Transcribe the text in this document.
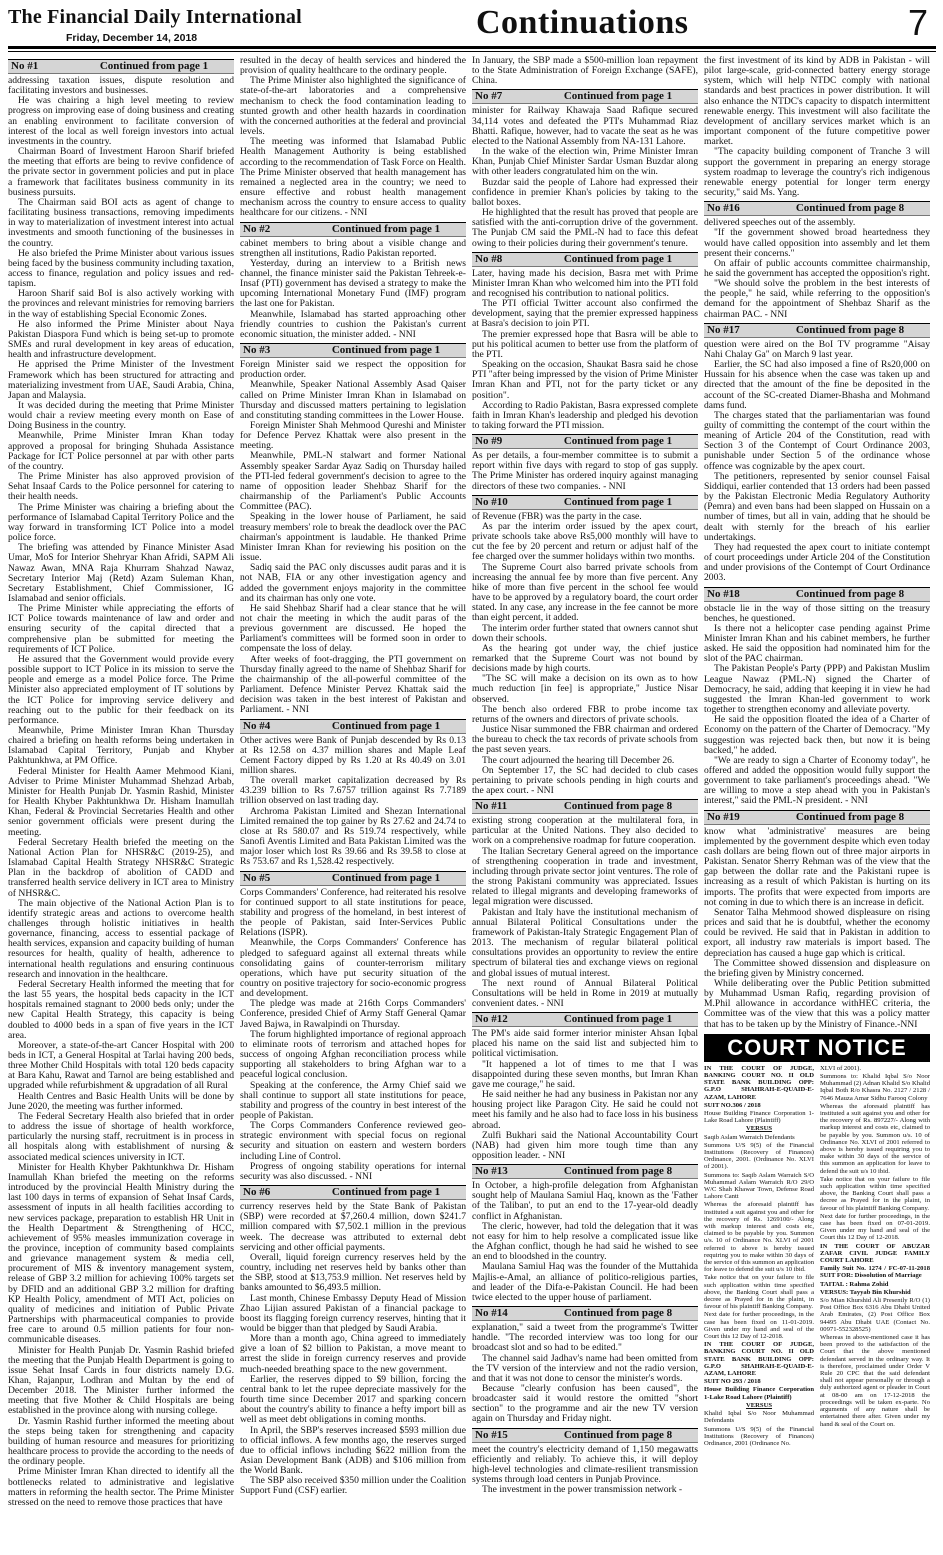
The Financial Daily International
Friday, December 14, 2018	Continuations	7
No #1	Continued from page 1

addressing taxation issues, dispute resolution and facilitating investors and businesses.

He was chairing a high level meeting to review progress on improving ease of doing business and creating an enabling environment to facilitate conversion of interest of the local as well foreign investors into actual investments in the country.

Chairman Board of Investment Haroon Sharif briefed the meeting that efforts are being to revive confidence of the private sector in government policies and put in place a framework that facilitates business community in its business pursuits.

The Chairman said BOI acts as agent of change to facilitating business transactions, removing impediments in way to materialization of investment interest into actual investments and smooth functioning of the businesses in the country.

He also briefed the Prime Minister about various issues being faced by the business community including taxation, access to finance, regulation and policy issues and red-tapism.

Haroon Sharif said BoI is also actively working with the provinces and relevant ministries for removing barriers in the way of establishing Special Economic Zones.

He also informed the Prime Minister about Naya Pakistan Diaspora Fund which is being set-up to promote SMEs and rural development in key areas of education, health and infrastructure development.

He apprised the Prime Minister of the Investment Framework which has been structured for attracting and materializing investment from UAE, Saudi Arabia, China, Japan and Malaysia.

It was decided during the meeting that Prime Minister would chair a review meeting every month on Ease of Doing Business in the country.

Meanwhile, Prime Minister Imran Khan today approved a proposal for bringing Shuhada Assistance Package for ICT Police personnel at par with other parts of the country.

The Prime Minister has also approved provision of Sehat Insaaf Cards to the Police personnel for catering to their health needs.

The Prime Minister was chairing a briefing about the performance of Islamabad Capital Territory Police and the way forward in transforming ICT Police into a model police force.

The briefing was attended by Finance Minister Asad Umar, MoS for Interior Shehryar Khan Afridi, SAPM Ali Nawaz Awan, MNA Raja Khurram Shahzad Nawaz, Secretary Interior Maj (Retd) Azam Suleman Khan, Secretary Establishment, Chief Commissioner, IG Islamabad and senior officials.

The Prime Minister while appreciating the efforts of ICT Police towards maintenance of law and order and ensuring security of the capital directed that a comprehensive plan be submitted for meeting the requirements of ICT Police.

He assured that the Government would provide every possible support to ICT Police in its mission to serve the people and emerge as a model Police force. The Prime Minister also appreciated employment of IT solutions by the ICT Police for improving service delivery and reaching out to the public for their feedback on its performance.

Meanwhile, Prime Minister Imran Khan Thursday chaired a briefing on health reforms being undertaken in Islamabad Capital Territory, Punjab and Khyber Pakhtunkhwa, at PM Office.

Federal Minister for Health Aamer Mehmood Kiani, Adviser to Prime Minister Muhammad Shehzad Arbab, Minister for Health Punjab Dr. Yasmin Rashid, Minister for Health Khyber Pakhtunkhwa Dr. Hisham Inamullah Khan, Federal & Provincial Secretaries Health and other senior government officials were present during the meeting.

Federal Secretary Health briefed the meeting on the National Action Plan for NHSR&C (2019-25), and Islamabad Capital Health Strategy NHSR&C Strategic Plan in the backdrop of abolition of CADD and transferred health service delivery in ICT area to Ministry of NHSR&C.

The main objective of the National Action Plan is to identify strategic areas and actions to overcome health challenges through holistic initiatives in health governance, financing, access to essential package of health services, expansion and capacity building of human resources for health, quality of health, adherence to international health regulations and ensuring continuous research and innovation in the healthcare.

Federal Secretary Health informed the meeting that for the last 55 years, the hospital beds capacity in the ICT hospitals remained stagnant to 2000 beds only; under the new Capital Health Strategy, this capacity is being doubled to 4000 beds in a span of five years in the ICT area.

Moreover, a state-of-the-art Cancer Hospital with 200 beds in ICT, a General Hospital at Tarlai having 200 beds, three Mother Child Hospitals with total 120 beds capacity at Bara Kahu, Rawat and Tarnol are being established and upgraded while refurbishment & upgradation of all Rural

Health Centres and Basic Health Units will be done by June 2020, the meeting was further informed.

The Federal Secretary Health also briefed that in order to address the issue of shortage of health workforce, particularly the nursing staff, recruitment is in process in all hospitals along with establishment of nursing & associated medical sciences university in ICT.

Minister for Health Khyber Pakhtunkhwa Dr. Hisham Inamullah Khan briefed the meeting on the reforms introduced by the provincial Health Ministry during the last 100 days in terms of expansion of Sehat Insaf Cards, assessment of inputs in all health facilities according to new services package, preparation to establish HR Unit in the Health Department & Strengthening of HCC, achievement of 95% measles immunization coverage in the province, inception of community based complaints and grievance management system & media cell, procurement of MIS & inventory management system, release of GBP 3.2 million for achieving 100% targets set by DFID and an additional GBP 3.2 million for drafting KP Health Policy, amendment of MTI Act, policies on quality of medicines and initiation of Public Private Partnerships with pharmaceutical companies to provide free care to around 0.5 million patients for four non-communicable diseases.

Minister for Health Punjab Dr. Yasmin Rashid briefed the meeting that the Punjab Health Department is going to issue Sehat Insaf Cards in four districts namely D.G. Khan, Rajanpur, Lodhran and Multan by the end of December 2018. The Minister further informed the meeting that five Mother & Child Hospitals are being established in the province along with nursing college.

Dr. Yasmin Rashid further informed the meeting about the steps being taken for strengthening and capacity building of human resource and measures for prioritizing healthcare process to provide the according to the needs of the ordinary people.

Prime Minister Imran Khan directed to identify all the bottlenecks related to administrative and legislative matters in reforming the health sector. The Prime Minister stressed on the need to remove those practices that have

resulted in the decay of health services and hindered the provision of quality healthcare to the ordinary people.

The Prime Minister also highlighted the significance of state-of-the-art laboratories and a comprehensive mechanism to check the food contamination leading to stunted growth and other health hazards in coordination with the concerned authorities at the federal and provincial levels.

The meeting was informed that Islamabad Public Health Management Authority is being established according to the recommendation of Task Force on Health. The Prime Minister observed that health management has remained a neglected area in the country; we need to ensure effective and robust health management mechanism across the country to ensure access to quality healthcare for our citizens. - NNI

No #2	Continued from page 1

cabinet members to bring about a visible change and strengthen all institutions, Radio Pakistan reported.

Yesterday, during an interview to a British news channel, the finance minister said the Pakistan Tehreek-e-Insaf (PTI) government has devised a strategy to make the upcoming International Monetary Fund (IMF) program the last one for Pakistan.

Meanwhile, Islamabad has started approaching other friendly countries to cushion the Pakistan's current economic situation, the minister added. - NNI

No #3	Continued from page 1

Foreign Minister said we respect the opposition for production order.

Meanwhile, Speaker National Assembly Asad Qaiser called on Prime Minister Imran Khan in Islamabad on Thursday and discussed matters pertaining to legislation and constituting standing committees in the Lower House.

Foreign Minister Shah Mehmood Qureshi and Minister for Defence Pervez Khattak were also present in the meeting.

Meanwhile, PML-N stalwart and former National Assembly speaker Sardar Ayaz Sadiq on Thursday hailed the PTI-led federal government's decision to agree to the name of opposition leader Shehbaz Sharif for the chairmanship of the Parliament's Public Accounts Committee (PAC).

Speaking in the lower house of Parliament, he said treasury members' role to break the deadlock over the PAC chairman's appointment is laudable. He thanked Prime Minister Imran Khan for reviewing his position on the issue.

Sadiq said the PAC only discusses audit paras and it is not NAB, FIA or any other investigation agency and added the government enjoys majority in the committee and its chairman has only one vote.

He said Shehbaz Sharif had a clear stance that he will not chair the meeting in which the audit paras of the previous government are discussed. He hoped the Parliament's committees will be formed soon in order to compensate the loss of delay.

After weeks of foot-dragging, the PTI government on Thursday finally agreed to the name of Shehbaz Sharif for the chairmanship of the all-powerful committee of the Parliament. Defence Minister Pervez Khattak said the decision was taken in the best interest of Pakistan and Parliament. - NNI

No #4	Continued from page 1

Other actives were Bank of Punjab descended by Rs 0.13 at Rs 12.58 on 4.37 million shares and Maple Leaf Cement Factory dipped by Rs 1.20 at Rs 40.49 on 3.01 million shares.

The overall market capitalization decreased by Rs 43.239 billion to Rs 7.6757 trillion against Rs 7.7189 trillion observed on last trading day.

Archroma Pakistan Limited and Shezan International Limited remained the top gainer by Rs 27.62 and 24.74 to close at Rs 580.07 and Rs 519.74 respectively, while Sanofi Aventis Limited and Bata Pakistan Limited was the major loser which lost Rs 39.66 and Rs 39.58 to close at Rs 753.67 and Rs 1,528.42 respectively.

No #5	Continued from page 1

Corps Commanders' Conference, had reiterated his resolve for continued support to all state institutions for peace, stability and progress of the homeland, in best interest of the people of Pakistan, said Inter-Services Public Relations (ISPR).

Meanwhile, the Corps Commanders' Conference has pledged to safeguard against all external threats while consolidating gains of counter-terrorism military operations, which have put security situation of the country on positive trajectory for socio-economic progress and development.

The pledge was made at 216th Corps Commanders' Conference, presided Chief of Army Staff General Qamar Javed Bajwa, in Rawalpindi on Thursday.

The forum highlighted importance of regional approach to eliminate roots of terrorism and attached hopes for success of ongoing Afghan reconciliation process while supporting all stakeholders to bring Afghan war to a peaceful logical conclusion.

Speaking at the conference, the Army Chief said we shall continue to support all state institutions for peace, stability and progress of the country in best interest of the people of Pakistan.

The Corps Commanders Conference reviewed geo-strategic environment with special focus on regional security and situation on eastern and western borders including Line of Control.

Progress of ongoing stability operations for internal security was also discussed. - NNI

No #6	Continued from page 1

currency reserves held by the State Bank of Pakistan (SBP) were recorded at $7,260.4 million, down $241.7 million compared with $7,502.1 million in the previous week. The decrease was attributed to external debt servicing and other official payments.

Overall, liquid foreign currency reserves held by the country, including net reserves held by banks other than the SBP, stood at $13,753.9 million. Net reserves held by banks amounted to $6,493.5 million.

Last month, Chinese Embassy Deputy Head of Mission Zhao Lijian assured Pakistan of a financial package to boost its flagging foreign currency reserves, hinting that it would be bigger than that pledged by Saudi Arabia.

More than a month ago, China agreed to immediately give a loan of $2 billion to Pakistan, a move meant to arrest the slide in foreign currency reserves and provide much-needed breathing space to the new government.

Earlier, the reserves dipped to $9 billion, forcing the central bank to let the rupee depreciate massively for the fourth time since December 2017 and sparking concern about the country's ability to finance a hefty import bill as well as meet debt obligations in coming months.

In April, the SBP's reserves increased $593 million due to official inflows. A few months ago, the reserves surged due to official inflows including $622 million from the Asian Development Bank (ADB) and $106 million from the World Bank.

The SBP also received $350 million under the Coalition Support Fund (CSF) earlier.

In January, the SBP made a $500-million loan repayment to the State Administration of Foreign Exchange (SAFE), China.

No #7	Continued from page 1

minister for Railway Khawaja Saad Rafique secured 34,114 votes and defeated the PTI's Muhammad Riaz Bhatti. Rafique, however, had to vacate the seat as he was elected to the National Assembly from NA-131 Lahore.

In the wake of the election win, Prime Minister Imran Khan, Punjab Chief Minister Sardar Usman Buzdar along with other leaders congratulated him on the win.

Buzdar said the people of Lahore had expressed their confidence in premier Khan's policies by taking to the ballot boxes.

He highlighted that the result has proved that people are satisfied with the anti-corruption drive of the government. The Punjab CM said the PML-N had to face this defeat owing to their policies during their government's tenure.

No #8	Continued from page 1

Later, having made his decision, Basra met with Prime Minister Imran Khan who welcomed him into the PTI fold and recognised his contribution to national politics.

The PTI official Twitter account also confirmed the development, saying that the premier expressed happiness at Basra's decision to join PTI.

The premier expressed hope that Basra will be able to put his political acumen to better use from the platform of the PTI.

Speaking on the occasion, Shaukat Basra said he chose PTI "after being impressed by the vision of Prime Minister Imran Khan and PTI, not for the party ticket or any position".

According to Radio Pakistan, Basra expressed complete faith in Imran Khan's leadership and pledged his devotion to taking forward the PTI mission.

No #9	Continued from page 1

As per details, a four-member committee is to submit a report within five days with regard to stop of gas supply. The Prime Minister has ordered inquiry against managing directors of these two companies. - NNI

No #10	Continued from page 1

of Revenue (FBR) was the party in the case.

As par the interim order issued by the apex court, private schools take above Rs5,000 monthly will have to cut the fee by 20 percent and return or adjust half of the fee charged over the summer holidays within two months.

The Supreme Court also barred private schools from increasing the annual fee by more than five percent. Any hike of more than five percent in the school fee would have to be approved by a regulatory board, the court order stated. In any case, any increase in the fee cannot be more than eight percent, it added.

The interim order further stated that owners cannot shut down their schools.

As the hearing got under way, the chief justice remarked that the Supreme Court was not bound by decisions made by high courts.

"The SC will make a decision on its own as to how much reduction [in fee] is appropriate," Justice Nisar observed.

The bench also ordered FBR to probe income tax returns of the owners and directors of private schools.

Justice Nisar summoned the FBR chairman and ordered the bureau to check the tax records of private schools from the past seven years.

The court adjourned the hearing till December 26.

On September 17, the SC had decided to club cases pertaining to private schools pending in high courts and the apex court. - NNI

No #11	Continued from page 8

existing strong cooperation at the multilateral fora, in particular at the United Nations. They also decided to work on a comprehensive roadmap for future cooperation.

The Italian Secretary General agreed on the importance of strengthening cooperation in trade and investment, including through private sector joint ventures. The role of the strong Pakistani community was appreciated. Issues related to illegal migrants and developing frameworks of legal migration were discussed.

Pakistan and Italy have the institutional mechanism of annual Bilateral Political Consultations under the framework of Pakistan-Italy Strategic Engagement Plan of 2013. The mechanism of regular bilateral political consultations provides an opportunity to review the entire spectrum of bilateral ties and exchange views on regional and global issues of mutual interest.

The next round of Annual Bilateral Political Consultations will be held in Rome in 2019 at mutually convenient dates. - NNI

No #12	Continued from page 1

The PM's aide said former interior minister Ahsan Iqbal placed his name on the said list and subjected him to political victimisation.

"It happened a lot of times to me that I was disappointed during these seven months, but Imran Khan gave me courage," he said.

He said neither he had any business in Pakistan nor any housing project like Paragon City. He said he could not meet his family and he also had to face loss in his business abroad.

Zulfi Bukhari said the National Accountability Court (NAB) had given him more tough time than any opposition leader. - NNI

No #13	Continued from page 8

In October, a high-profile delegation from Afghanistan sought help of Maulana Samiul Haq, known as the 'Father of the Taliban', to put an end to the 17-year-old deadly conflict in Afghanistan.

The cleric, however, had told the delegation that it was not easy for him to help resolve a complicated issue like the Afghan conflict, though he had said he wished to see an end to bloodshed in the country.

Maulana Samiul Haq was the founder of the Muttahida Majlis-e-Amal, an alliance of politico-religious parties, and leader of the Difa-e-Pakistan Council. He had been twice elected to the upper house of parliament.

No #14	Continued from page 8

explanation," said a tweet from the programme's Twitter handle. "The recorded interview was too long for our broadcast slot and so had to be edited."

The channel said Jadhav's name had been omitted from the TV version of the interview and not the radio version, and that it was not done to censor the minister's words.

Because "clearly confusion has been caused", the broadcaster said it would restore the omitted "short section" to the programme and air the new TV version again on Thursday and Friday night.

No #15	Continued from page 8

meet the country's electricity demand of 1,150 megawatts efficiently and reliably. To achieve this, it will deploy high-level technologies and climate-resilient transmission systems through load centers in Punjab Province.

The investment in the power transmission network -

the first investment of its kind by ADB in Pakistan - will pilot large-scale, grid-connected battery energy storage system, which will help NTDC comply with national standards and best practices in power distribution. It will also enhance the NTDC's capacity to dispatch intermittent renewable energy. This investment will also facilitate the development of ancillary services market which is an important component of the future competitive power market.

"The capacity building component of Tranche 3 will support the government in preparing an energy storage system roadmap to leverage the country's rich indigenous renewable energy potential for longer term energy security," said Ms. Yang.

No #16	Continued from page 8

delivered speeches out of the assembly.

"If the government showed broad heartedness they would have called opposition into assembly and let them present their concerns."

On affair of public accounts committee chairmanship, he said the government has accepted the opposition's right.

"We should solve the problem in the best interests of the people," he said, while referring to the opposition's demand for the appointment of Shehbaz Sharif as the chairman PAC. - NNI

No #17	Continued from page 8

question were aired on the BoI TV programme "Aisay Nahi Chalay Ga" on March 9 last year.

Earlier, the SC had also imposed a fine of Rs20,000 on Hussain for his absence when the case was taken up and directed that the amount of the fine be deposited in the account of the SC-created Diamer-Bhasha and Mohmand dams fund.

The charges stated that the parliamentarian was found guilty of committing the contempt of the court within the meaning of Article 204 of the Constitution, read with Section 3 of the Contempt of Court Ordinance 2003, punishable under Section 5 of the ordinance whose offence was cognizable by the apex court.

The petitioners, represented by senior counsel Faisal Siddiqui, earlier contended that 13 orders had been passed by the Pakistan Electronic Media Regulatory Authority (Pemra) and even bans had been slapped on Hussain on a number of times, but all in vain, adding that he should be dealt with sternly for the breach of his earlier undertakings.

They had requested the apex court to initiate contempt of court proceedings under Article 204 of the Constitution and under provisions of the Contempt of Court Ordinance 2003.

No #18	Continued from page 8

obstacle lie in the way of those sitting on the treasury benches, he questioned.

Is there not a helicopter case pending against Prime Minister Imran Khan and his cabinet members, he further asked. He said the opposition had nominated him for the slot of the PAC chairman.

The Pakistan People's Party (PPP) and Pakistan Muslim League Nawaz (PML-N) signed the Charter of Democracy, he said, adding that keeping it in view he had suggested the Imran Khan-led government to work together to strengthen economy and alleviate poverty.

He said the opposition floated the idea of a Charter of Economy on the pattern of the Charter of Democracy. "My suggestion was rejected back then, but now it is being backed," he added.

"We are ready to sign a Charter of Economy today", he offered and added the opposition would fully support the government to take parliament's proceedings ahead. "We are willing to move a step ahead with you in Pakistan's interest," said the PML-N president. - NNI

No #19	Continued from page 8

know what 'administrative' measures are being implemented by the government despite which even today cash dollars are being flown out of three major airports in Pakistan. Senator Sherry Rehman was of the view that the gap between the dollar rate and the Pakistani rupee is increasing as a result of which Pakistan is hurting on its imports. The profits that were expected from imports are not coming in due to which there is an increase in deficit.

Senator Talha Mehmood showed displeasure on rising prices and said that he is doubtful, whether the economy could be revived. He said that in Pakistan in addition to export, all industry raw materials is import based. The depreciation has caused a huge gap which is critical.

The Committee showed dissension and displeasure on the briefing given by Ministry concerned.

While deliberating over the Public Petition submitted by Muhammad Usman Rafiq, regarding provision of M.Phil allowance in accordance withHEC criteria, the Committee was of the view that this was a policy matter that has to be taken up by the Ministry of Finance.-NNI

COURT NOTICE

IN THE COURT OF JUDGE, BANKING COURT NO. II OLD STATE BANK BUILDING OPP: G.P.O SHAHRAH-E-QUAID-E-AZAM, LAHORE

SUIT NO.306 / 2018

House Building Finance Corporation 1-Lake Road Lahore (Plaintiff)

VERSUS

Saqib Aslam Warraich Defendants

Summons U/S 9(5) of the Financial Institutions (Recovery of Finances) Ordinance, 2001. (Ordinance No. XLVI of 2001).

Summons to: Saqib Aslam Warraich S/O Muhammad Aslam Warraich R/O 29/O W/C Shah Khawar Town, Defense Road Lahore Cantt

Whereas the aforesaid plaintiff has instituted a suit against you and other for the recovery of Rs. 1269100/- Along with markup interest and costs etc, claimed to be payable by you. Summon u/s. 10 of Ordinance No. XLVI of 2001 referred to above is hereby issued requiring you to make within 30 days of the service of this summon an application for leave to defend the suit u/s 10 ibid.

Take notice that on your failure to file such application within time specified above, the Banking Court shall pass a decree as Prayed for in the plaint, in favour of his plaintiff Banking Company.

Next date for further proceedings, in the case has been fixed on 11-01-2019. Given under my hand and seal of the Court this 12 Day of 12-2018.

IN THE COURT OF JUDGE, BANKING COURT NO. II OLD STATE BANK BUILDING OPP: G.P.O SHAHRAH-E-QUAID-E-AZAM, LAHORE

SUIT NO 293 / 2018

House Building Finance Corporation 1-Lake Road Lahore (Plaintiff)

VERSUS

Khalid Iqbal S/o Noor Muhammad Defendants

Summons U/S 9(5) of the Financial Institutions (Recovery of Finances) Ordinance, 2001 (Ordinance No.

XLVI of 2001).

Summons to: Khalid Iqbal S/o Noor Muhammad (2) Adnan Khalid S/o Khalid Iqbal Both R/o Khasra No. 2127 / 2128 / 7646 Mauza Amar Sidhu Farooq Colony

Whereas the aforesaid plaintiff has instituted a suit against you and other for the recovery of Rs. 897227/- Along with markup interest and costs etc, claimed to be payable by you. Summon u/s. 10 of Ordinance No. XLVI of 2001 referred to above is hereby issued requiring you to make within 30 days of the service of this summon an application for leave to defend the suit u/s 10 ibid.

Take notice that on your failure to file such application within time specified above, the Banking Court shall pass a decree as Prayed for in the plaint, in favour of his plaintiff Banking Company.

Next date for further proceedings, in the case has been fixed on 07-01-2019. Given under my hand and seal of the Court this 12 Day of 12-2018.

IN THE COURT OF ABUZAR ZAFAR CIVIL JUDGE FAMILY COURT LAHORE

Family Suit No. 1274 / FC-07-11-2018 SUIT FOR: Dissolution of Marriage

TAITAL : Rahma Zohid

VERSUS: Tayyab Bin Khurshid

S/o Mian Khurshid Ali Presently R/O (1) Post Office Box 6316 Abu Dhabi United Arab Emirates, (2) Post Office Box 94495 Abu Dhabi UAE (Contact No. 00971-552328525)

Whereas in above-mentioned case it has been proved to the satisfaction of the Court that the above mentioned defendant served in the ordinary way. It is therefore, proclaimed under Order V Rule 20 CPC that the said defendant shall not appear personally or through a duly authorized agent or pleader in Court at 08-00 am on 17-12-2018 the proceedings will be taken ex-parte. No arguments of any nature shall be entertained there after. Given under my hand & seal of the Court on.
